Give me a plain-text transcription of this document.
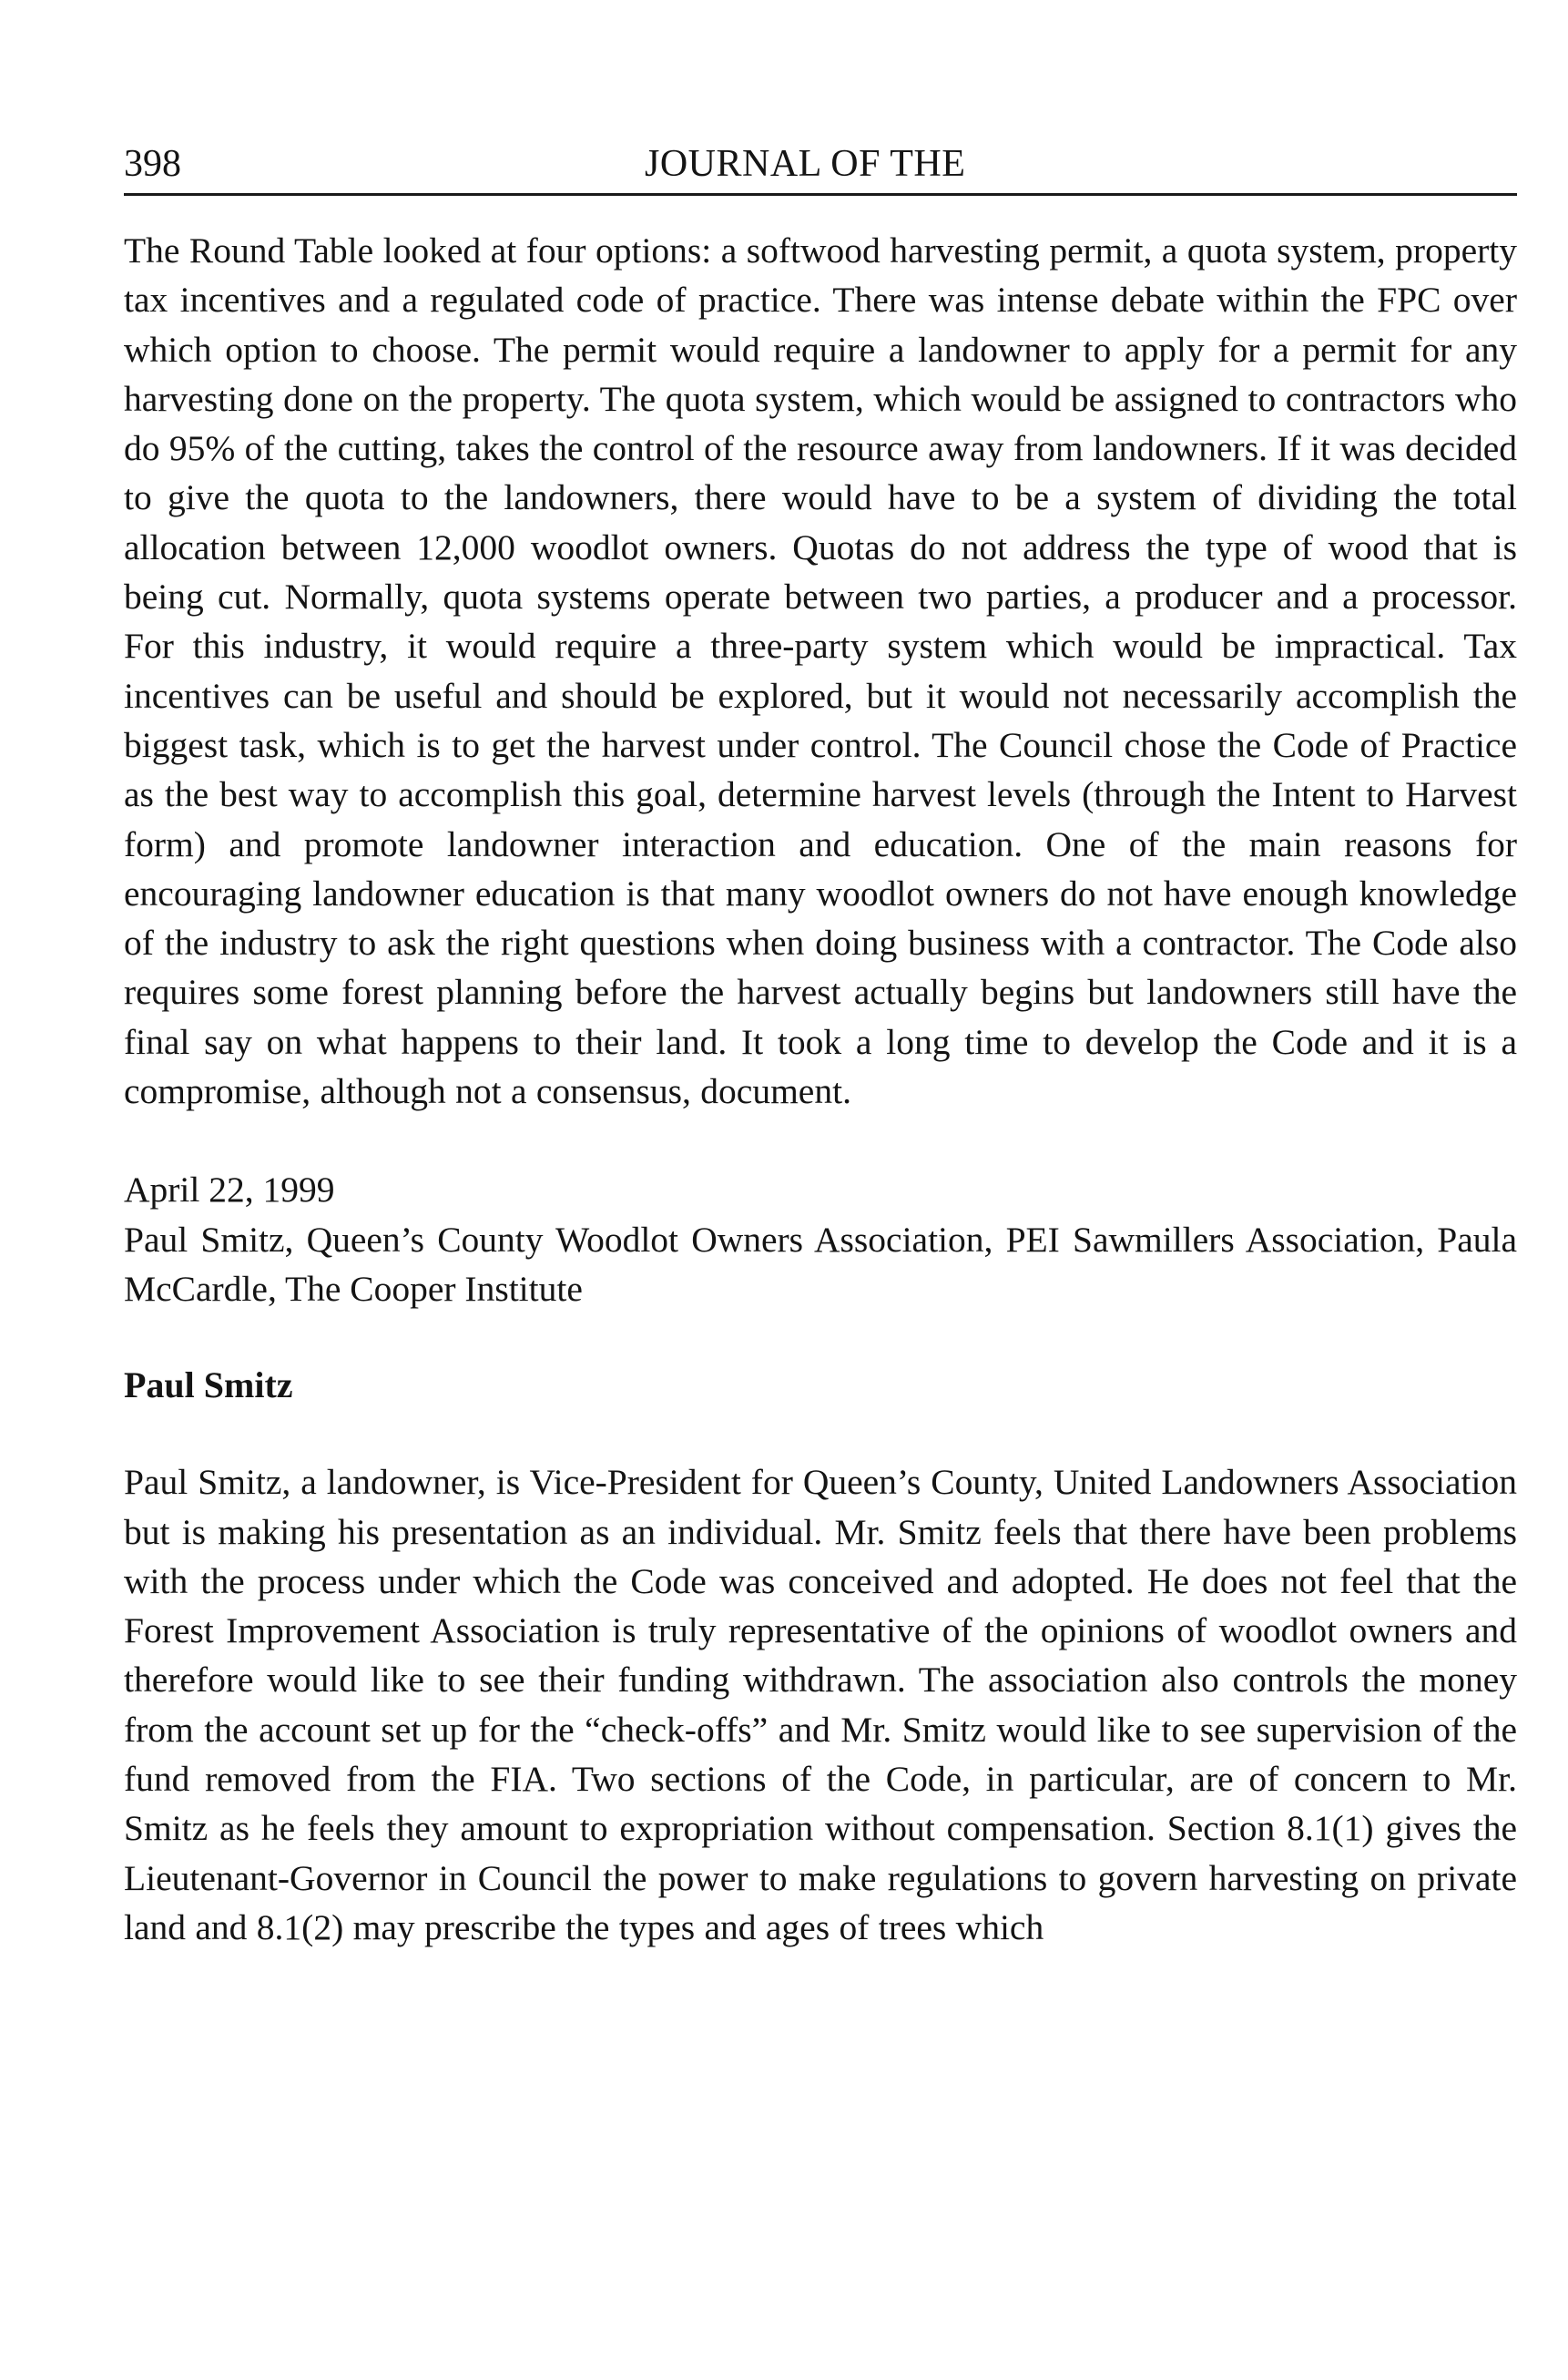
398	JOURNAL OF THE

The Round Table looked at four options: a softwood harvesting permit, a quota system, property tax incentives and a regulated code of practice. There was intense debate within the FPC over which option to choose. The permit would require a landowner to apply for a permit for any harvesting done on the property. The quota system, which would be assigned to contractors who do 95% of the cutting, takes the control of the resource away from landowners. If it was decided to give the quota to the landowners, there would have to be a system of dividing the total allocation between 12,000 woodlot owners. Quotas do not address the type of wood that is being cut. Normally, quota systems operate between two parties, a producer and a processor. For this industry, it would require a three-party system which would be impractical. Tax incentives can be useful and should be explored, but it would not necessarily accomplish the biggest task, which is to get the harvest under control. The Council chose the Code of Practice as the best way to accomplish this goal, determine harvest levels (through the Intent to Harvest form) and promote landowner interaction and education. One of the main reasons for encouraging landowner education is that many woodlot owners do not have enough knowledge of the industry to ask the right questions when doing business with a contractor. The Code also requires some forest planning before the harvest actually begins but landowners still have the final say on what happens to their land. It took a long time to develop the Code and it is a compromise, although not a consensus, document.

April 22, 1999
Paul Smitz, Queen’s County Woodlot Owners Association, PEI Sawmillers Association, Paula McCardle, The Cooper Institute
Paul Smitz

Paul Smitz, a landowner, is Vice-President for Queen’s County, United Landowners Association but is making his presentation as an individual. Mr. Smitz feels that there have been problems with the process under which the Code was conceived and adopted. He does not feel that the Forest Improvement Association is truly representative of the opinions of woodlot owners and therefore would like to see their funding withdrawn. The association also controls the money from the account set up for the “check-offs” and Mr. Smitz would like to see supervision of the fund removed from the FIA. Two sections of the Code, in particular, are of concern to Mr. Smitz as he feels they amount to expropriation without compensation. Section 8.1(1) gives the Lieutenant-Governor in Council the power to make regulations to govern harvesting on private land and 8.1(2) may prescribe the types and ages of trees which
